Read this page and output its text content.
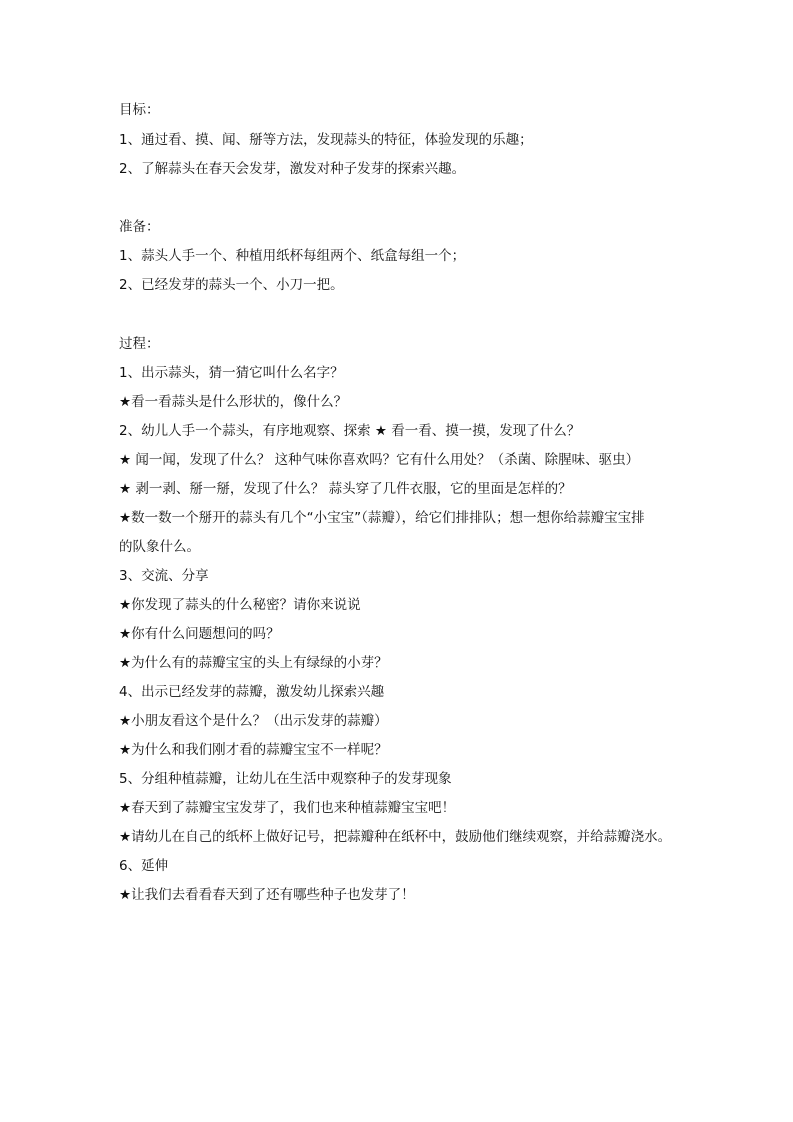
目标：
1、通过看、摸、闻、掰等方法，发现蒜头的特征，体验发现的乐趣；
2、了解蒜头在春天会发芽，激发对种子发芽的探索兴趣。
准备：
1、蒜头人手一个、种植用纸杯每组两个、纸盒每组一个；
2、已经发芽的蒜头一个、小刀一把。
过程：
1、出示蒜头，猜一猜它叫什么名字？
★看一看蒜头是什么形状的，像什么？
2、幼儿人手一个蒜头，有序地观察、探索 ★ 看一看、摸一摸，发现了什么？
★ 闻一闻，发现了什么？ 这种气味你喜欢吗？它有什么用处？（杀菌、除腥味、驱虫）
★ 剥一剥、掰一掰，发现了什么？ 蒜头穿了几件衣服，它的里面是怎样的？
★数一数一个掰开的蒜头有几个“小宝宝”（蒜瓣），给它们排排队；想一想你给蒜瓣宝宝排
的队象什么。
3、交流、分享
★你发现了蒜头的什么秘密？请你来说说
★你有什么问题想问的吗？
★为什么有的蒜瓣宝宝的头上有绿绿的小芽？
4、出示已经发芽的蒜瓣，激发幼儿探索兴趣
★小朋友看这个是什么？（出示发芽的蒜瓣）
★为什么和我们刚才看的蒜瓣宝宝不一样呢？
5、分组种植蒜瓣，让幼儿在生活中观察种子的发芽现象
★春天到了蒜瓣宝宝发芽了，我们也来种植蒜瓣宝宝吧！
★请幼儿在自己的纸杯上做好记号，把蒜瓣种在纸杯中，鼓励他们继续观察，并给蒜瓣浇水。
6、延伸
★让我们去看看春天到了还有哪些种子也发芽了！
